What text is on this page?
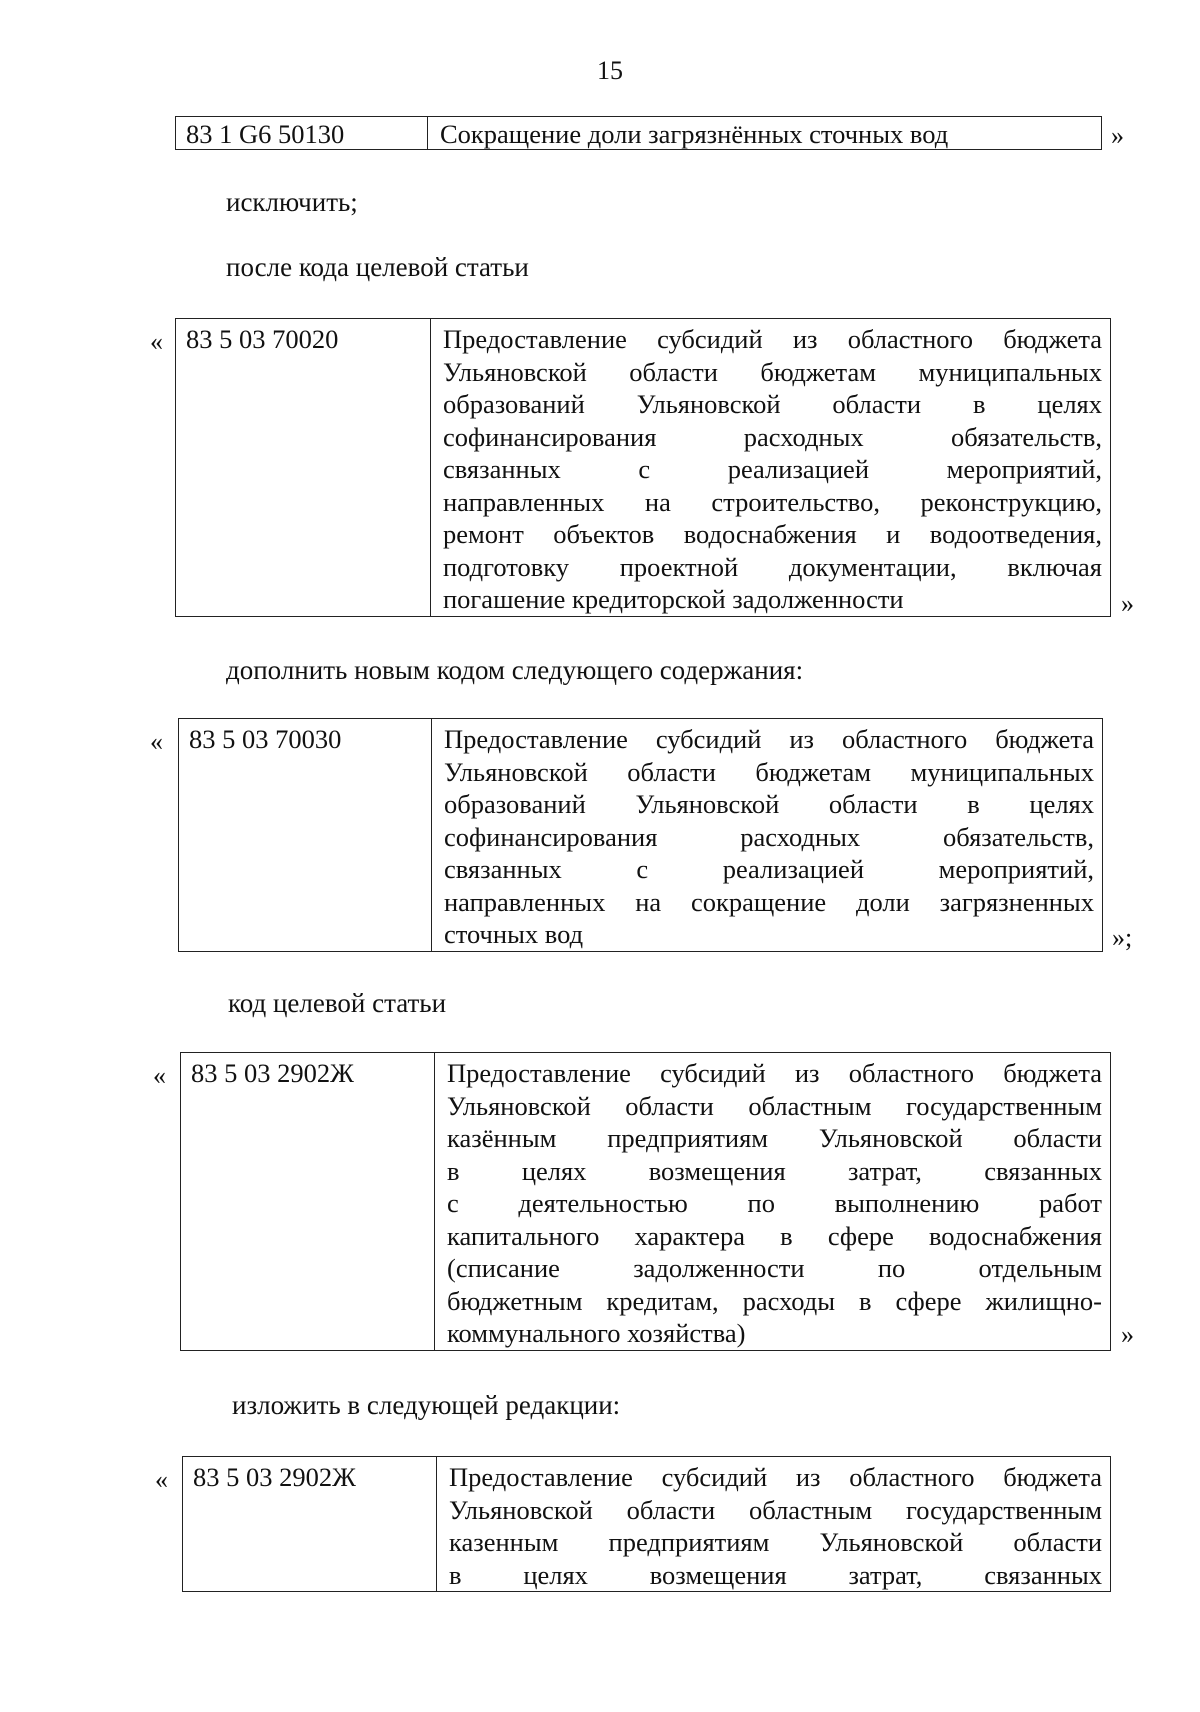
15
83 1 G6 50130	Сокращение доли загрязнённых сточных вод	»
исключить;
после кода целевой статьи
« 83 5 03 70020	Предоставление субсидий из областного бюджета
Ульяновской области бюджетам муниципальных
образований Ульяновской области в целях
софинансирования расходных обязательств,
связанных с реализацией мероприятий,
направленных на строительство, реконструкцию,
ремонт объектов водоснабжения и водоотведения,
подготовку проектной документации, включая
погашение кредиторской задолженности	»
дополнить новым кодом следующего содержания:
« 83 5 03 70030	Предоставление субсидий из областного бюджета
Ульяновской области бюджетам муниципальных
образований Ульяновской области в целях
софинансирования расходных обязательств,
связанных с реализацией мероприятий,
направленных на сокращение доли загрязненных
сточных вод	»;
код целевой статьи
« 83 5 03 2902Ж	Предоставление субсидий из областного бюджета
Ульяновской области областным государственным
казённым предприятиям Ульяновской области
в целях возмещения затрат, связанных
с деятельностью по выполнению работ
капитального характера в сфере водоснабжения
(списание задолженности по отдельным
бюджетным кредитам, расходы в сфере жилищно-
коммунального хозяйства)	»
изложить в следующей редакции:
« 83 5 03 2902Ж	Предоставление субсидий из областного бюджета
Ульяновской области областным государственным
казенным предприятиям Ульяновской области
в целях возмещения затрат, связанных
